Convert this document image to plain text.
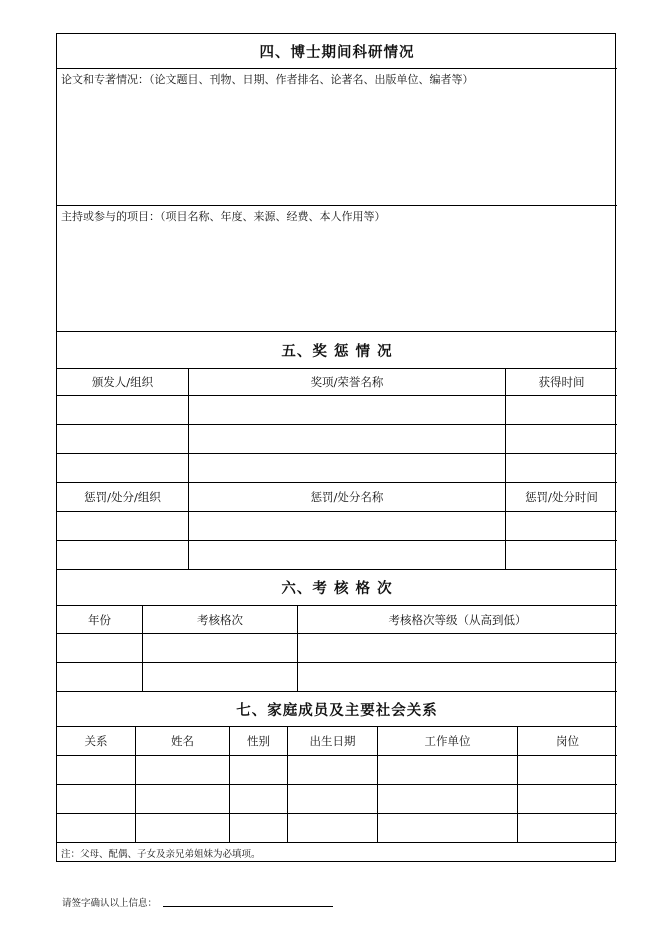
四、博士期间科研情况
论文和专著情况：（论文题目、刊物、日期、作者排名、论著名、出版单位、编者等）
主持或参与的项目：（项目名称、年度、来源、经费、本人作用等）
五、奖 惩 情 况
颁发人/组织	奖项/荣誉名称	获得时间
惩罚/处分/组织	惩罚/处分名称	惩罚/处分时间
六、考 核 格 次
年份	考核格次	考核格次等级（从高到低）
七、家庭成员及主要社会关系
关系	姓名	性别	出生日期	工作单位	岗位
注：父母、配偶、子女及亲兄弟姐妹为必填项。
请签字确认以上信息：
